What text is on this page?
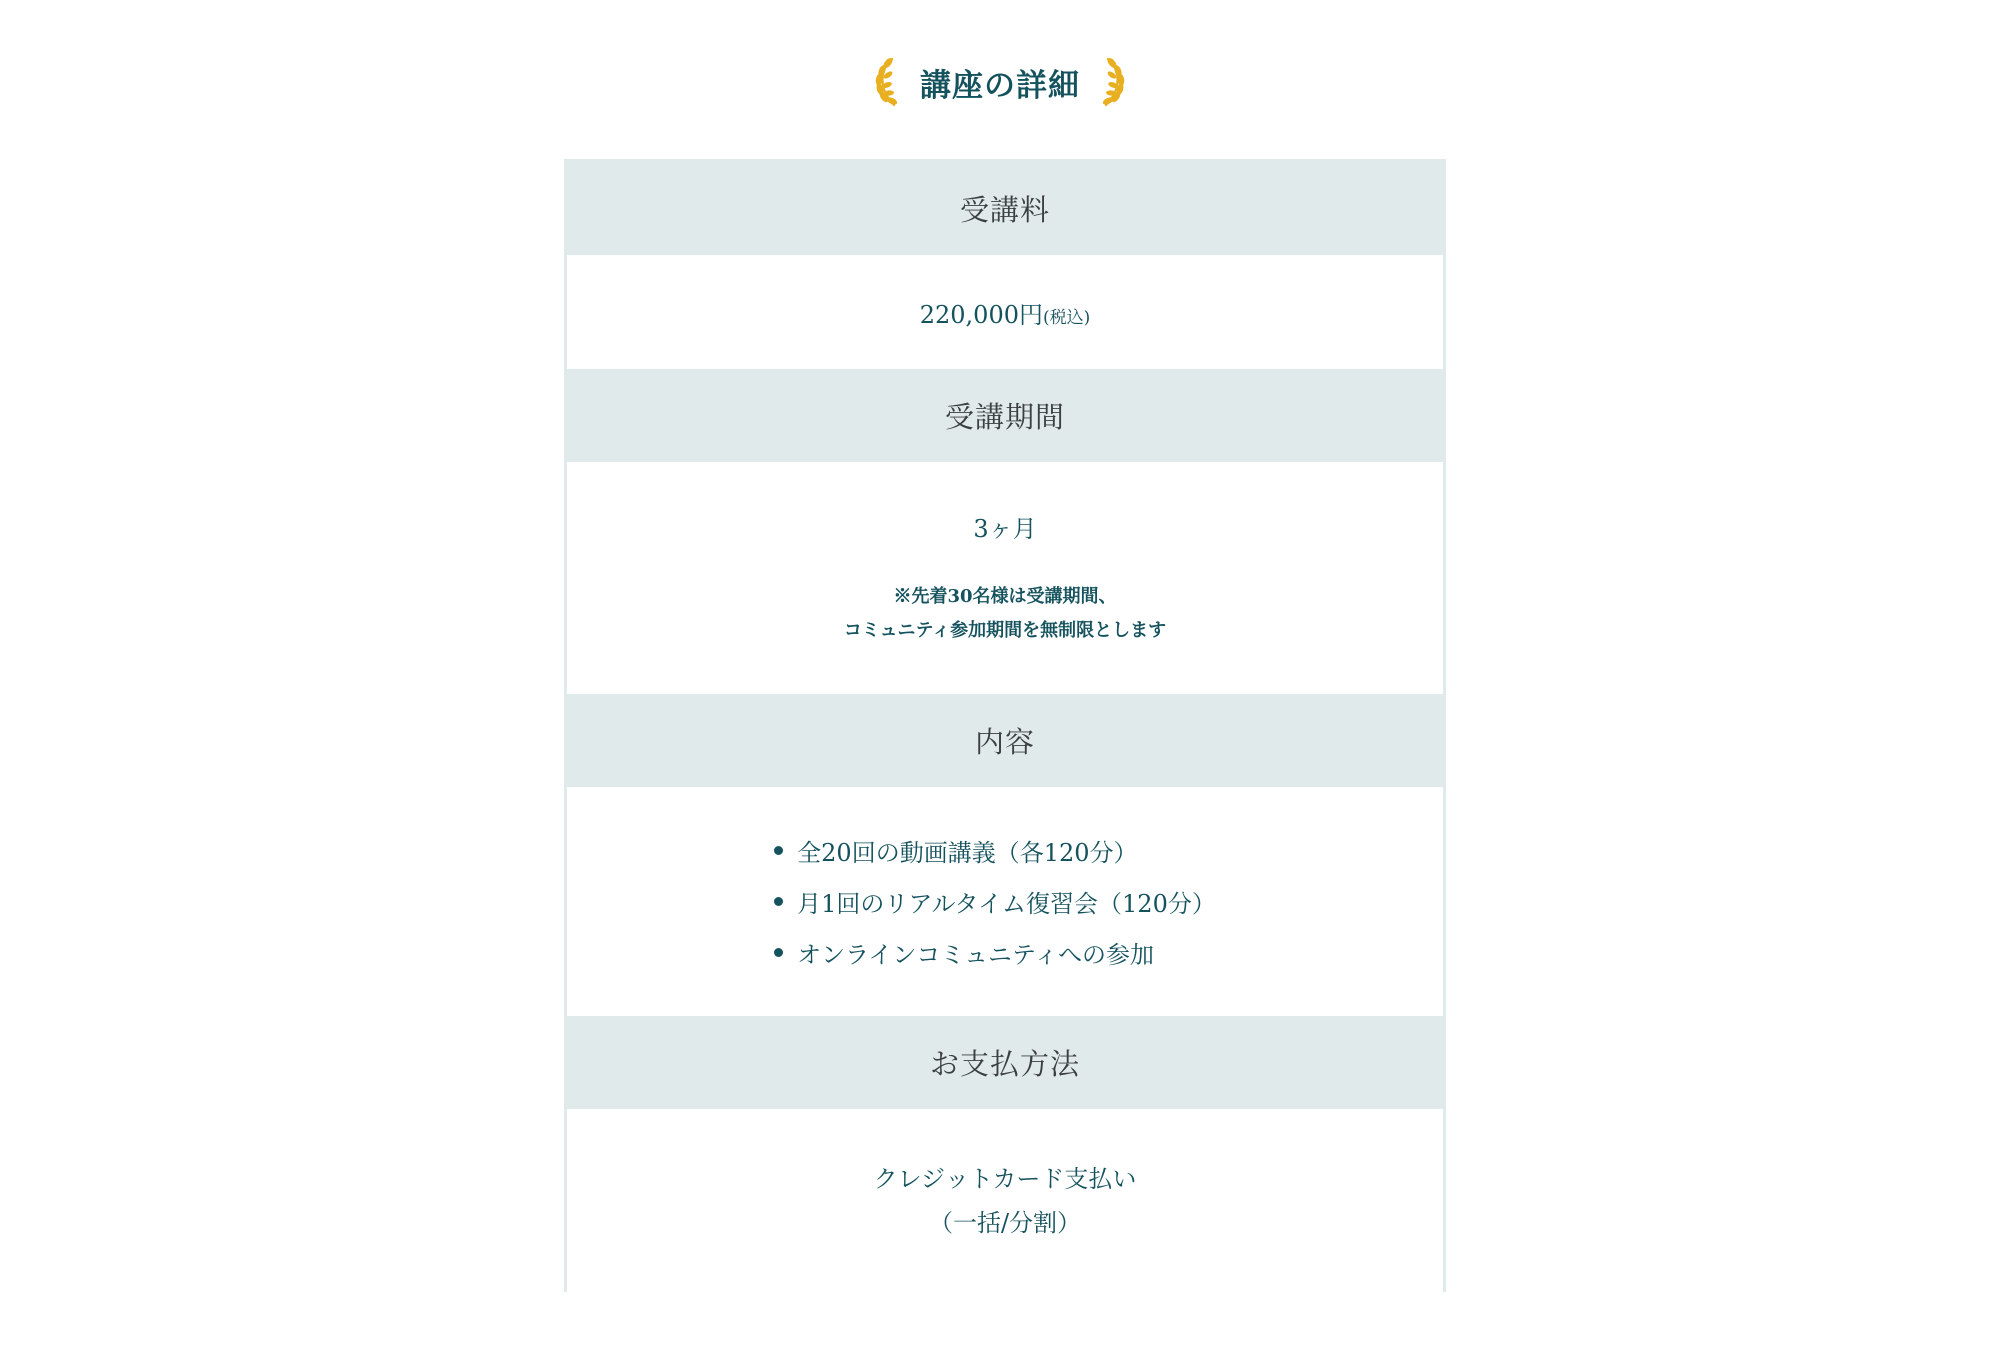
講座の詳細
受講料
220,000円(税込)
受講期間
3ヶ月
※先着30名様は受講期間、
コミュニティ参加期間を無制限とします
内容
全20回の動画講義（各120分）
月1回のリアルタイム復習会（120分）
オンラインコミュニティへの参加
お支払方法
クレジットカード支払い
（一括/分割）
